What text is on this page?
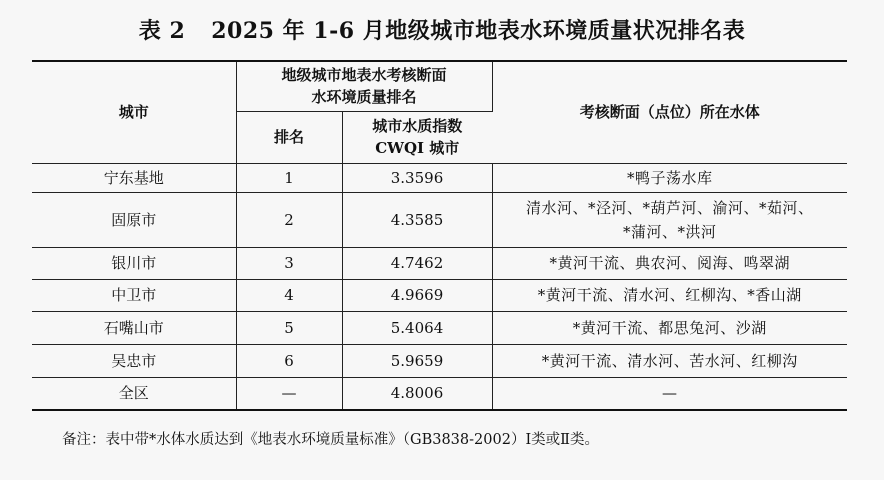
表 2 2025 年 1-6 月地级城市地表水环境质量状况排名表
城市	地级城市地表水考核断面
水环境质量排名		考核断面（点位）所在水体
	排名	城市水质指数
CWQI 城市	

宁东基地	1	3.3596	*鸭子荡水库

固原市	2	4.3585	清水河、*泾河、*葫芦河、渝河、*茹河、
*蒲河、*洪河

银川市	3	4.7462	*黄河干流、典农河、阅海、鸣翠湖

中卫市	4	4.9669	*黄河干流、清水河、红柳沟、*香山湖

石嘴山市	5	5.4064	*黄河干流、都思兔河、沙湖

吴忠市	6	5.9659	*黄河干流、清水河、苦水河、红柳沟

全区	—	4.8006	—
备注：表中带*水体水质达到《地表水环境质量标准》（GB3838-2002）Ⅰ类或Ⅱ类。
